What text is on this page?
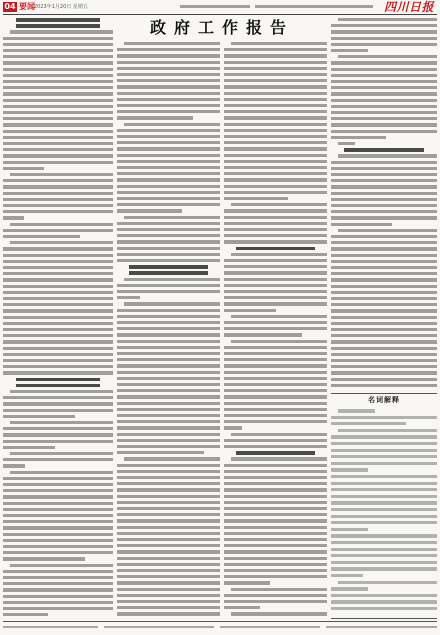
04 要闻 2023年1月20日 星期五	四川日报
政府工作报告
名词解释
